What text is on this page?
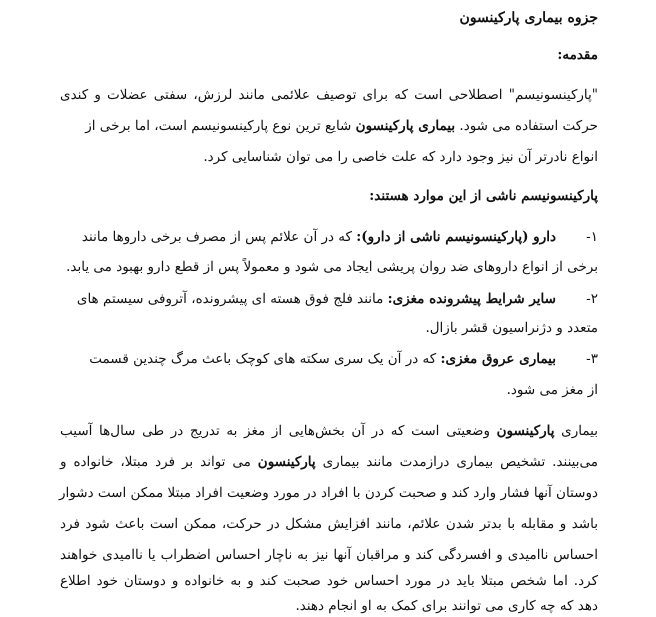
جزوه بیماری پارکینسون
مقدمه:
"پارکینسونیسم" اصطلاحی است که برای توصیف علائمی مانند لرزش، سفتی عضلات و کندی
حرکت استفاده می شود. بیماری پارکینسون شایع ترین نوع پارکینسونیسم است، اما برخی از
انواع نادرتر آن نیز وجود دارد که علت خاصی را می توان شناسایی کرد.
پارکینسونیسم ناشی از این موارد هستند:
۱-دارو (پارکینسونیسم ناشی از دارو): که در آن علائم پس از مصرف برخی داروها مانند
برخی از انواع داروهای ضد روان پریشی ایجاد می شود و معمولاً پس از قطع دارو بهبود می یابد.
۲-سایر شرایط پیشرونده مغزی: مانند فلج فوق هسته ای پیشرونده، آتروفی سیستم های
متعدد و دژنراسیون قشر بازال.
۳-بیماری عروق مغزی: که در آن یک سری سکته های کوچک باعث مرگ چندین قسمت
از مغز می شود.
بیماری پارکینسون وضعیتی است که در آن بخش‌هایی از مغز به تدریج در طی سال‌ها آسیب
می‌بینند. تشخیص بیماری درازمدت مانند بیماری پارکینسون می تواند بر فرد مبتلا، خانواده و
دوستان آنها فشار وارد کند و صحبت کردن با افراد در مورد وضعیت افراد مبتلا ممکن است دشوار
باشد و مقابله با بدتر شدن علائم، مانند افزایش مشکل در حرکت، ممکن است باعث شود فرد
احساس ناامیدی و افسردگی کند و مراقبان آنها نیز به ناچار احساس اضطراب یا ناامیدی خواهند
کرد. اما شخص مبتلا باید در مورد احساس خود صحبت کند و به خانواده و دوستان خود اطلاع
دهد که چه کاری می توانند برای کمک به او انجام دهند.
